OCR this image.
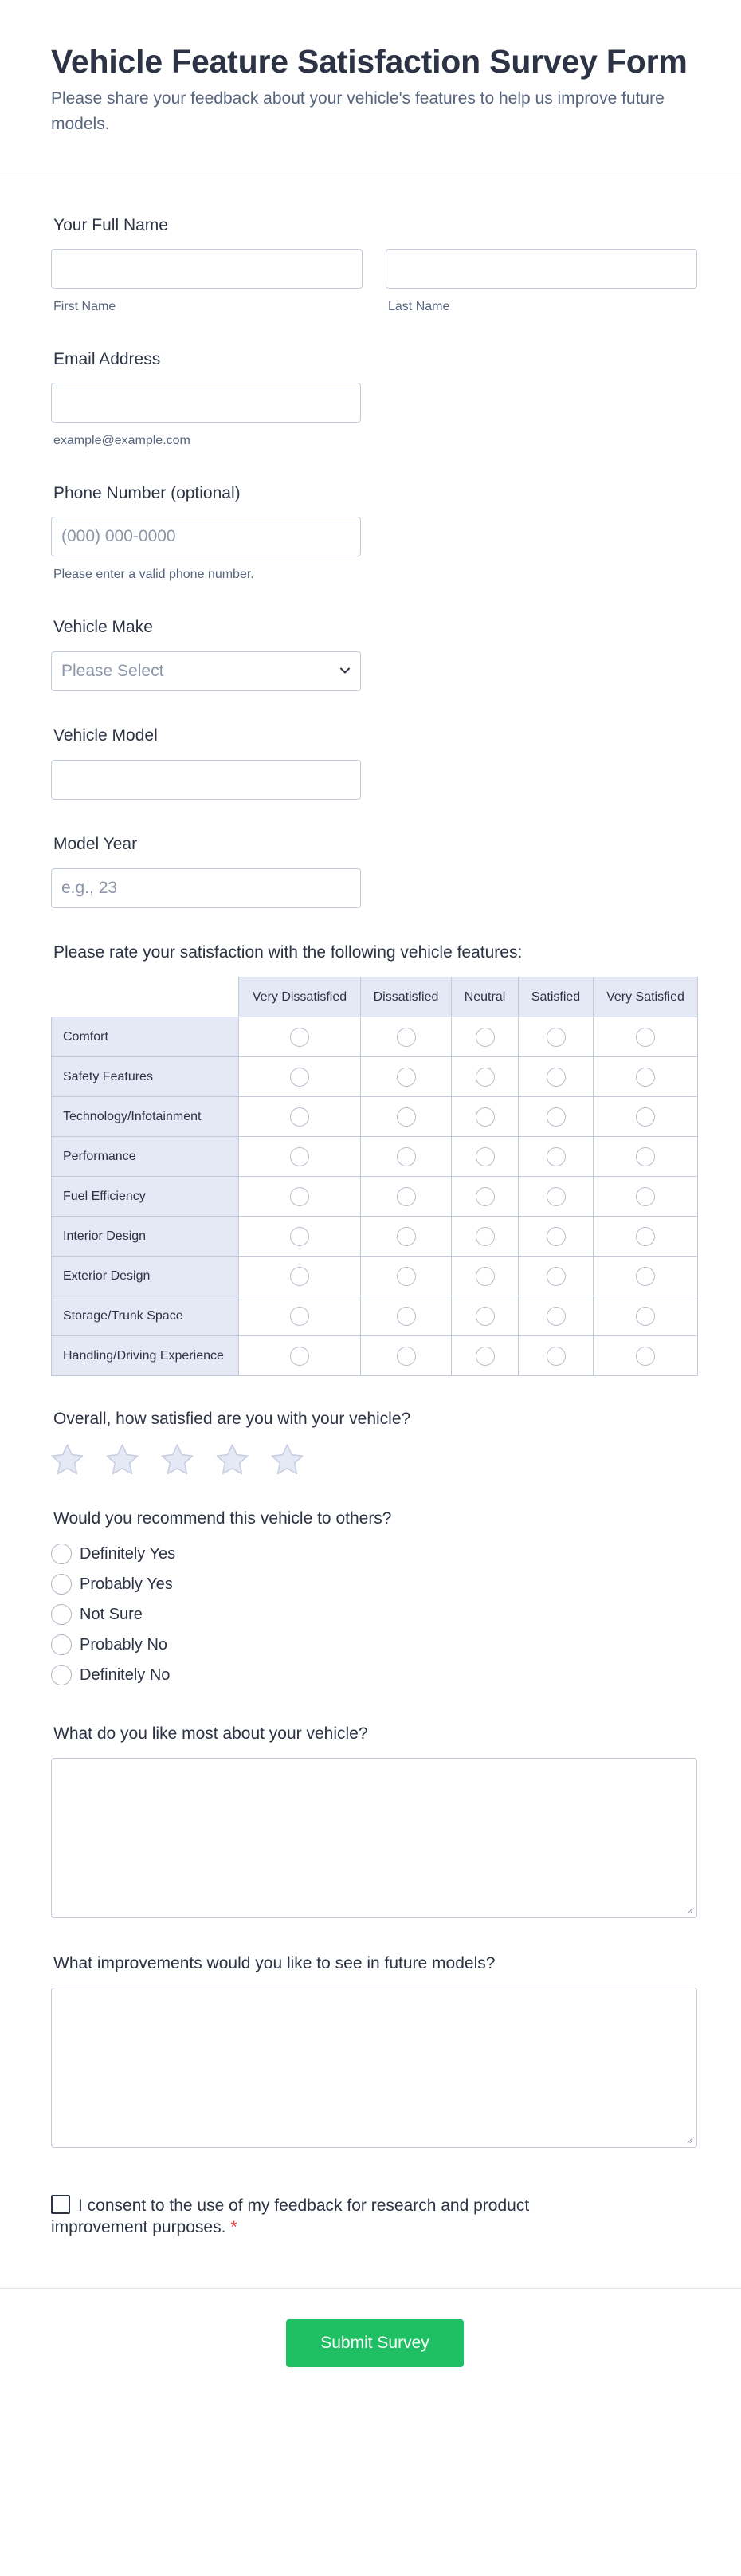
Vehicle Feature Satisfaction Survey Form

Please share your feedback about your vehicle's features to help us improve future models.

Your Full Name
First Name	Last Name
Email Address
example@example.com
Phone Number (optional)
(000) 000-0000
Please enter a valid phone number.
Vehicle Make
Please Select
Vehicle Model
Model Year
e.g., 23
Please rate your satisfaction with the following vehicle features:
	Very Dissatisfied	Dissatisfied	Neutral	Satisfied	Very Satisfied
Comfort					
Safety Features					
Technology/Infotainment					
Performance					
Fuel Efficiency					
Interior Design					
Exterior Design					
Storage/Trunk Space					
Handling/Driving Experience					
Overall, how satisfied are you with your vehicle?
Would you recommend this vehicle to others?
Definitely Yes
Probably Yes
Not Sure
Probably No
Definitely No
What do you like most about your vehicle?
What improvements would you like to see in future models?
I consent to the use of my feedback for research and product improvement purposes. *
Submit Survey
